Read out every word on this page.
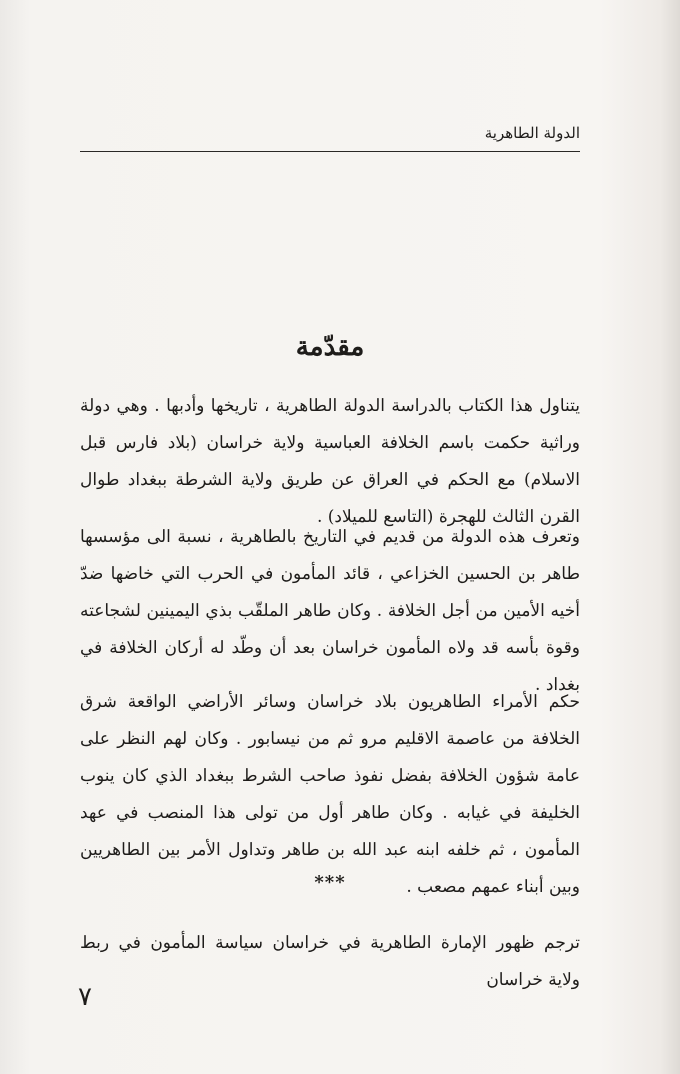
الدولة الطاهرية
مقدّمة

يتناول هذا الكتاب بالدراسة الدولة الطاهرية ، تاريخها وأدبها . وهي دولة وراثية حكمت باسم الخلافة العباسية ولاية خراسان (بلاد فارس قبل الاسلام) مع الحكم في العراق عن طريق ولاية الشرطة ببغداد طوال القرن الثالث للهجرة (التاسع للميلاد) .

وتعرف هذه الدولة من قديم في التاريخ بالطاهرية ، نسبة الى مؤسسها طاهر بن الحسين الخزاعي ، قائد المأمون في الحرب التي خاضها ضدّ أخيه الأمين من أجل الخلافة . وكان طاهر الملقّب بذي اليمينين لشجاعته وقوة بأسه قد ولاه المأمون خراسان بعد أن وطّد له أركان الخلافة في بغداد .

حكم الأمراء الطاهريون بلاد خراسان وسائر الأراضي الواقعة شرق الخلافة من عاصمة الاقليم مرو ثم من نيسابور . وكان لهم النظر على عامة شؤون الخلافة بفضل نفوذ صاحب الشرط ببغداد الذي كان ينوب الخليفة في غيابه . وكان طاهر أول من تولى هذا المنصب في عهد المأمون ، ثم خلفه ابنه عبد الله بن طاهر وتداول الأمر بين الطاهريين وبين أبناء عمهم مصعب .

***

ترجم ظهور الإمارة الطاهرية في خراسان سياسة المأمون في ربط ولاية خراسان

٧
